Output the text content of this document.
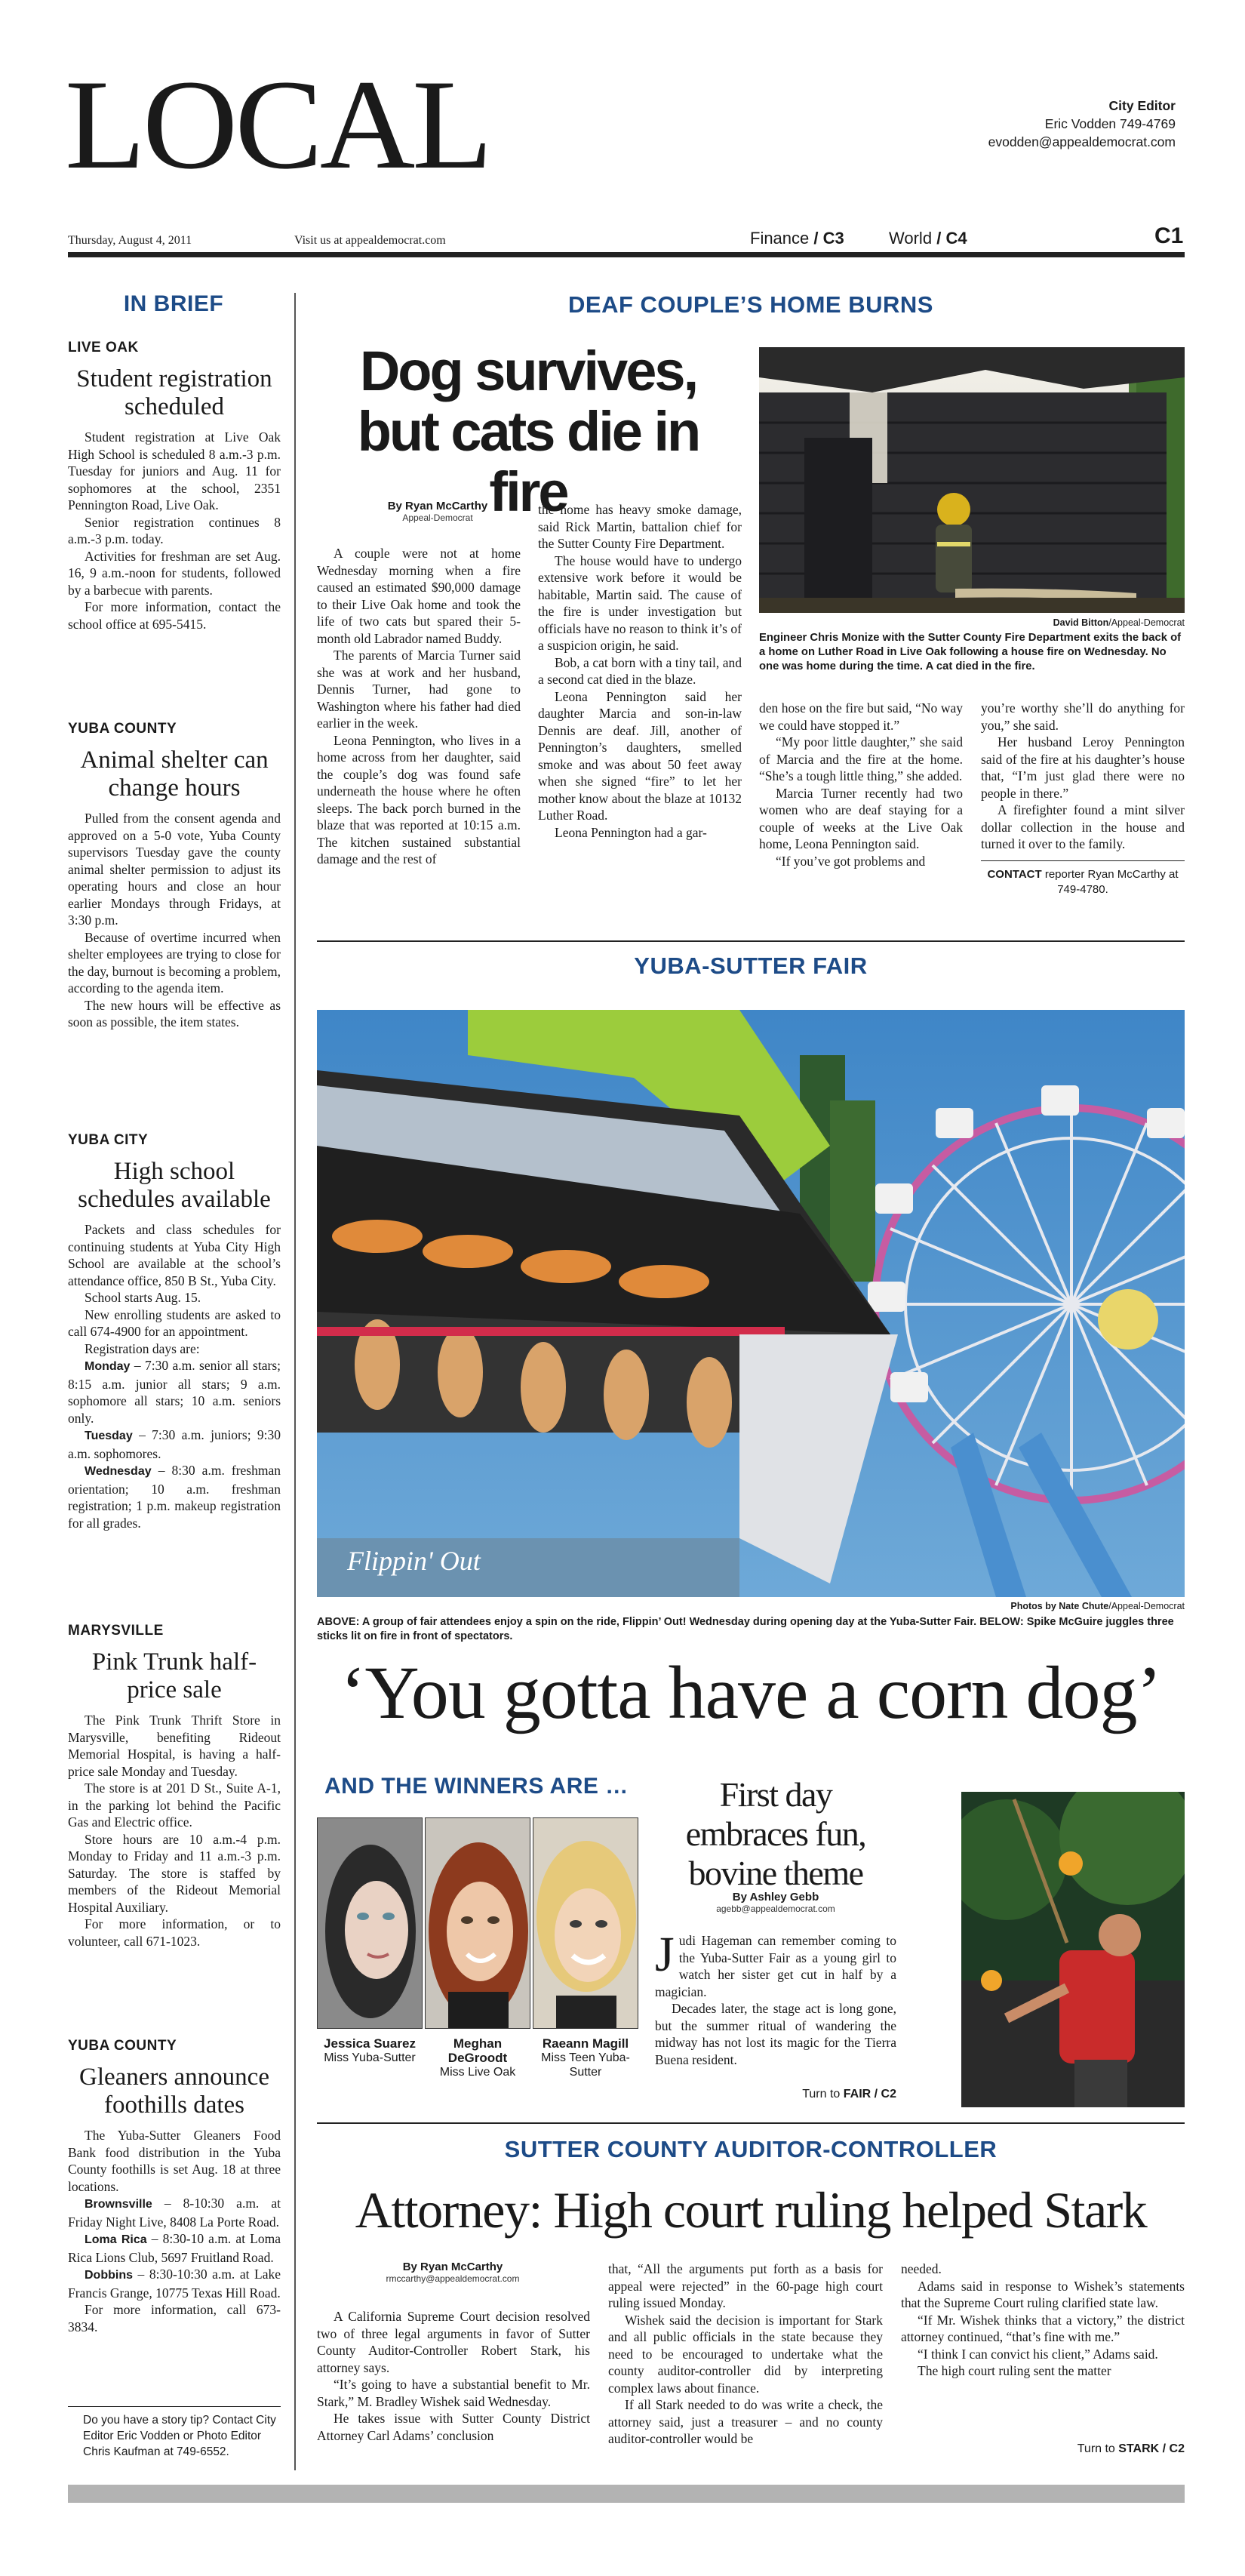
LOCAL	City Editor
Eric Vodden 749-4769
evodden@appealdemocrat.com
Thursday, August 4, 2011	Visit us at appealdemocrat.com	Finance / C3	World / C4	C1
IN BRIEF
LIVE OAK
Student registration scheduled

Student registration at Live Oak High School is scheduled 8 a.m.-3 p.m. Tuesday for juniors and Aug. 11 for sophomores at the school, 2351 Pennington Road, Live Oak.

Senior registration continues 8 a.m.-3 p.m. today.

Activities for freshman are set Aug. 16, 9 a.m.-noon for students, followed by a barbecue with parents.

For more information, contact the school office at 695-5415.

YUBA COUNTY
Animal shelter can change hours

Pulled from the consent agenda and approved on a 5-0 vote, Yuba County supervisors Tuesday gave the county animal shelter permission to adjust its operating hours and close an hour earlier Mondays through Fridays, at 3:30 p.m.

Because of overtime incurred when shelter employees are trying to close for the day, burnout is becoming a problem, according to the agenda item.

The new hours will be effective as soon as possible, the item states.

YUBA CITY
High school schedules available

Packets and class schedules for continuing students at Yuba City High School are available at the school’s attendance office, 850 B St., Yuba City.

School starts Aug. 15.

New enrolling students are asked to call 674-4900 for an appointment.

Registration days are:

Monday – 7:30 a.m. senior all stars; 8:15 a.m. junior all stars; 9 a.m. sophomore all stars; 10 a.m. seniors only.

Tuesday – 7:30 a.m. juniors; 9:30 a.m. sophomores.

Wednesday – 8:30 a.m. freshman orientation; 10 a.m. freshman registration; 1 p.m. makeup registration for all grades.

MARYSVILLE
Pink Trunk half-price sale

The Pink Trunk Thrift Store in Marysville, benefiting Rideout Memorial Hospital, is having a half-price sale Monday and Tuesday.

The store is at 201 D St., Suite A-1, in the parking lot behind the Pacific Gas and Electric office.

Store hours are 10 a.m.-4 p.m. Monday to Friday and 11 a.m.-3 p.m. Saturday. The store is staffed by members of the Rideout Memorial Hospital Auxiliary.

For more information, or to volunteer, call 671-1023.

YUBA COUNTY
Gleaners announce foothills dates

The Yuba-Sutter Gleaners Food Bank food distribution in the Yuba County foothills is set Aug. 18 at three locations.

Brownsville – 8-10:30 a.m. at Friday Night Live, 8408 La Porte Road.

Loma Rica – 8:30-10 a.m. at Loma Rica Lions Club, 5697 Fruitland Road.

Dobbins – 8:30-10:30 a.m. at Lake Francis Grange, 10775 Texas Hill Road.

For more information, call 673-3834.

Do you have a story tip? Contact City Editor Eric Vodden or Photo Editor Chris Kaufman at 749-6552.
DEAF COUPLE’S HOME BURNS
Dog survives, but cats die in fire
By Ryan McCarthy
Appeal-Democrat

A couple were not at home Wednesday morning when a fire caused an estimated $90,000 damage to their Live Oak home and took the life of two cats but spared their 5-month old Labrador named Buddy.

The parents of Marcia Turner said she was at work and her husband, Dennis Turner, had gone to Washington where his father had died earlier in the week.

Leona Pennington, who lives in a home across from her daughter, said the couple’s dog was found safe underneath the house where he often sleeps. The back porch burned in the blaze that was reported at 10:15 a.m. The kitchen sustained substantial damage and the rest of

the home has heavy smoke damage, said Rick Martin, battalion chief for the Sutter County Fire Department.

The house would have to undergo extensive work before it would be habitable, Martin said. The cause of the fire is under investigation but officials have no reason to think it’s of a suspicion origin, he said.

Bob, a cat born with a tiny tail, and a second cat died in the blaze.

Leona Pennington said her daughter Marcia and son-in-law Dennis are deaf. Jill, another of Pennington’s daughters, smelled smoke and was about 50 feet away when she signed “fire” to let her mother know about the blaze at 10132 Luther Road.

Leona Pennington had a gar-

David Bitton/Appeal-Democrat
Engineer Chris Monize with the Sutter County Fire Department exits the back of a home on Luther Road in Live Oak following a house fire on Wednesday. No one was home during the time. A cat died in the fire.

den hose on the fire but said, “No way we could have stopped it.”

“My poor little daughter,” she said of Marcia and the fire at the home. “She’s a tough little thing,” she added.

Marcia Turner recently had two women who are deaf staying for a couple of weeks at the Live Oak home, Leona Pennington said.

“If you’ve got problems and

you’re worthy she’ll do anything for you,” she said.

Her husband Leroy Pennington said of the fire at his daughter’s house that, “I’m just glad there were no people in there.”

A firefighter found a mint silver dollar collection in the house and turned it over to the family.

CONTACT reporter Ryan McCarthy at 749-4780.
YUBA-SUTTER FAIR
Flippin' Out
Photos by Nate Chute/Appeal-Democrat
ABOVE: A group of fair attendees enjoy a spin on the ride, Flippin’ Out! Wednesday during opening day at the Yuba-Sutter Fair. BELOW: Spike McGuire juggles three sticks lit on fire in front of spectators.
‘You gotta have a corn dog’
AND THE WINNERS ARE …
Jessica Suarez
Miss Yuba-Sutter
Meghan DeGroodt
Miss Live Oak
Raeann Magill
Miss Teen Yuba-Sutter
First day embraces fun, bovine theme
By Ashley Gebb
agebb@appealdemocrat.com

Judi Hageman can remember coming to the Yuba-Sutter Fair as a young girl to watch her sister get cut in half by a magician.

Decades later, the stage act is long gone, but the summer ritual of wandering the midway has not lost its magic for the Tierra Buena resident.

Turn to FAIR / C2
SUTTER COUNTY AUDITOR-CONTROLLER
Attorney: High court ruling helped Stark
By Ryan McCarthy
rmccarthy@appealdemocrat.com

A California Supreme Court decision resolved two of three legal arguments in favor of Sutter County Auditor-Controller Robert Stark, his attorney says.

“It’s going to have a substantial benefit to Mr. Stark,” M. Bradley Wishek said Wednesday.

He takes issue with Sutter County District Attorney Carl Adams’ conclusion

that, “All the arguments put forth as a basis for appeal were rejected” in the 60-page high court ruling issued Monday.

Wishek said the decision is important for Stark and all public officials in the state because they need to be encouraged to undertake what the county auditor-controller did by interpreting complex laws about finance.

If all Stark needed to do was write a check, the attorney said, just a treasurer – and no county auditor-controller would be

needed.

Adams said in response to Wishek’s statements that the Supreme Court ruling clarified state law.

“If Mr. Wishek thinks that a victory,” the district attorney continued, “that’s fine with me.”

“I think I can convict his client,” Adams said.

The high court ruling sent the matter

Turn to STARK / C2
